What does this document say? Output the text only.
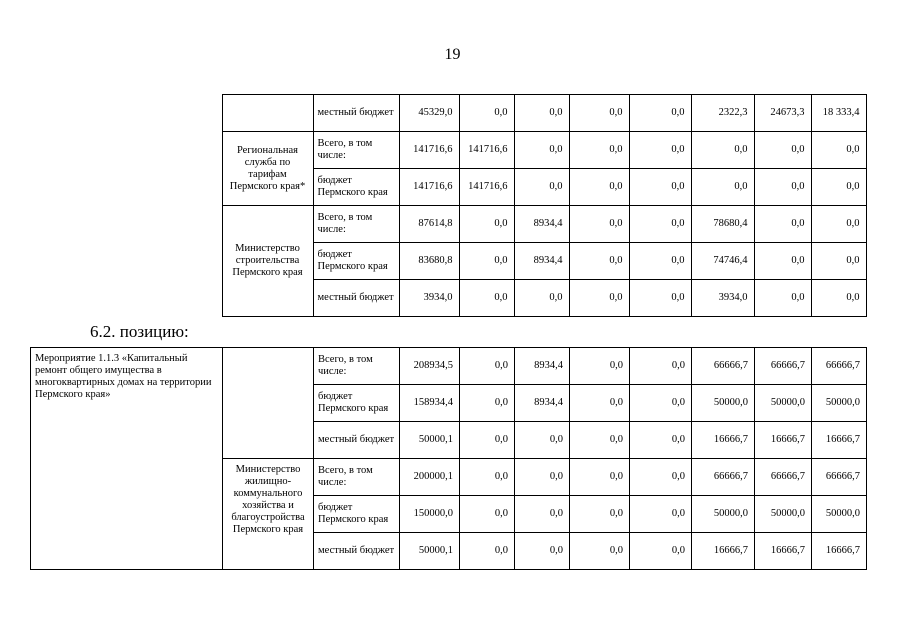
19
		местный бюджет	45329,0	0,0	0,0	0,0	0,0	2322,3	24673,3	18 333,4
	Региональная служба по тарифам Пермского края*	Всего, в том числе:	141716,6	141716,6	0,0	0,0	0,0	0,0	0,0	0,0
		бюджет Пермского края	141716,6	141716,6	0,0	0,0	0,0	0,0	0,0	0,0
	Министерство строительства Пермского края	Всего, в том числе:	87614,8	0,0	8934,4	0,0	0,0	78680,4	0,0	0,0
		бюджет Пермского края	83680,8	0,0	8934,4	0,0	0,0	74746,4	0,0	0,0
		местный бюджет	3934,0	0,0	0,0	0,0	0,0	3934,0	0,0	0,0
6.2. позицию:
Мероприятие 1.1.3 «Капитальный ремонт общего имущества в многоквартирных домах на территории Пермского края»		Всего, в том числе:	208934,5	0,0	8934,4	0,0	0,0	66666,7	66666,7	66666,7
		бюджет Пермского края	158934,4	0,0	8934,4	0,0	0,0	50000,0	50000,0	50000,0
		местный бюджет	50000,1	0,0	0,0	0,0	0,0	16666,7	16666,7	16666,7
	Министерство жилищно-коммунального хозяйства и благоустройства Пермского края	Всего, в том числе:	200000,1	0,0	0,0	0,0	0,0	66666,7	66666,7	66666,7
		бюджет Пермского края	150000,0	0,0	0,0	0,0	0,0	50000,0	50000,0	50000,0
		местный бюджет	50000,1	0,0	0,0	0,0	0,0	16666,7	16666,7	16666,7
